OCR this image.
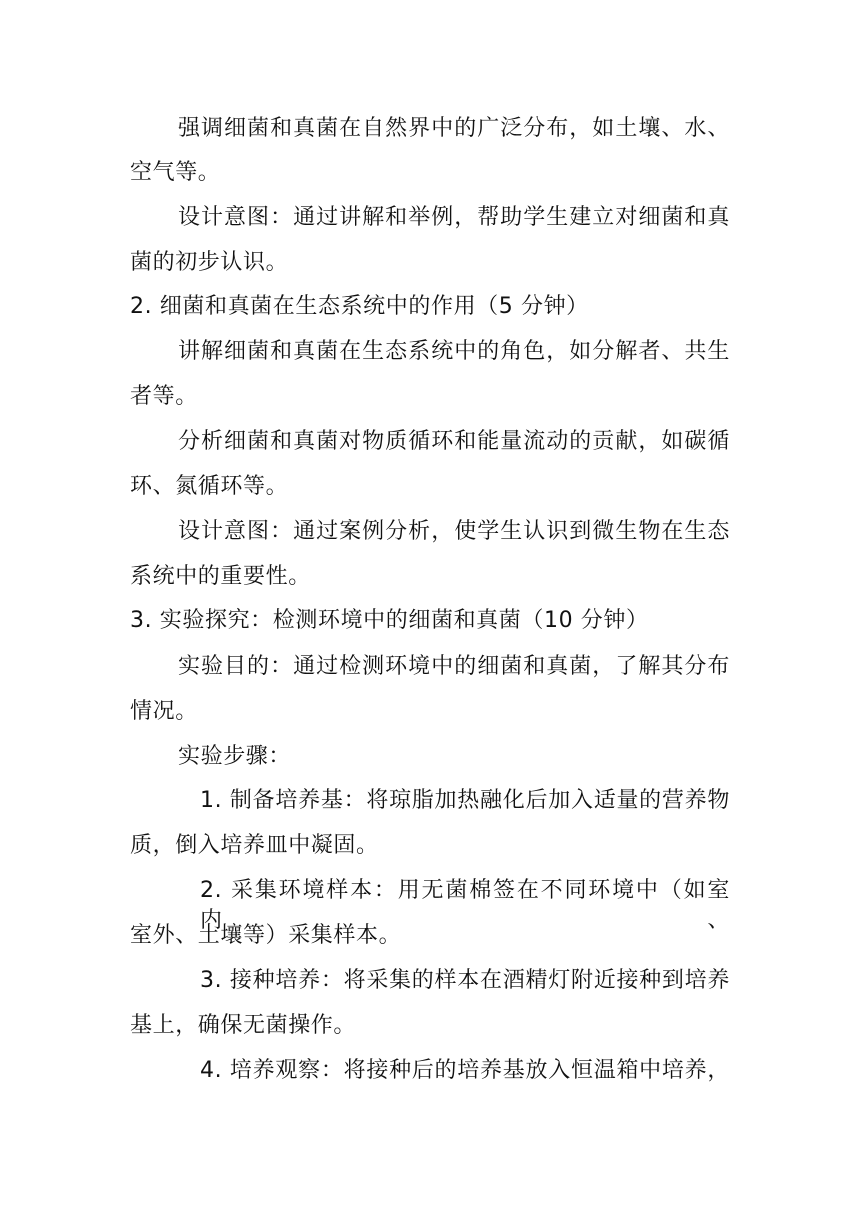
强调细菌和真菌在自然界中的广泛分布，如土壤、水、
空气等。
设计意图：通过讲解和举例，帮助学生建立对细菌和真
菌的初步认识。
2. 细菌和真菌在生态系统中的作用（5 分钟）
讲解细菌和真菌在生态系统中的角色，如分解者、共生
者等。
分析细菌和真菌对物质循环和能量流动的贡献，如碳循
环、氮循环等。
设计意图：通过案例分析，使学生认识到微生物在生态
系统中的重要性。
3. 实验探究：检测环境中的细菌和真菌（10 分钟）
实验目的：通过检测环境中的细菌和真菌，了解其分布
情况。
实验步骤：
1. 制备培养基：将琼脂加热融化后加入适量的营养物
质，倒入培养皿中凝固。
2. 采集环境样本：用无菌棉签在不同环境中（如室内、
室外、土壤等）采集样本。
3. 接种培养：将采集的样本在酒精灯附近接种到培养
基上，确保无菌操作。
4. 培养观察：将接种后的培养基放入恒温箱中培养，
